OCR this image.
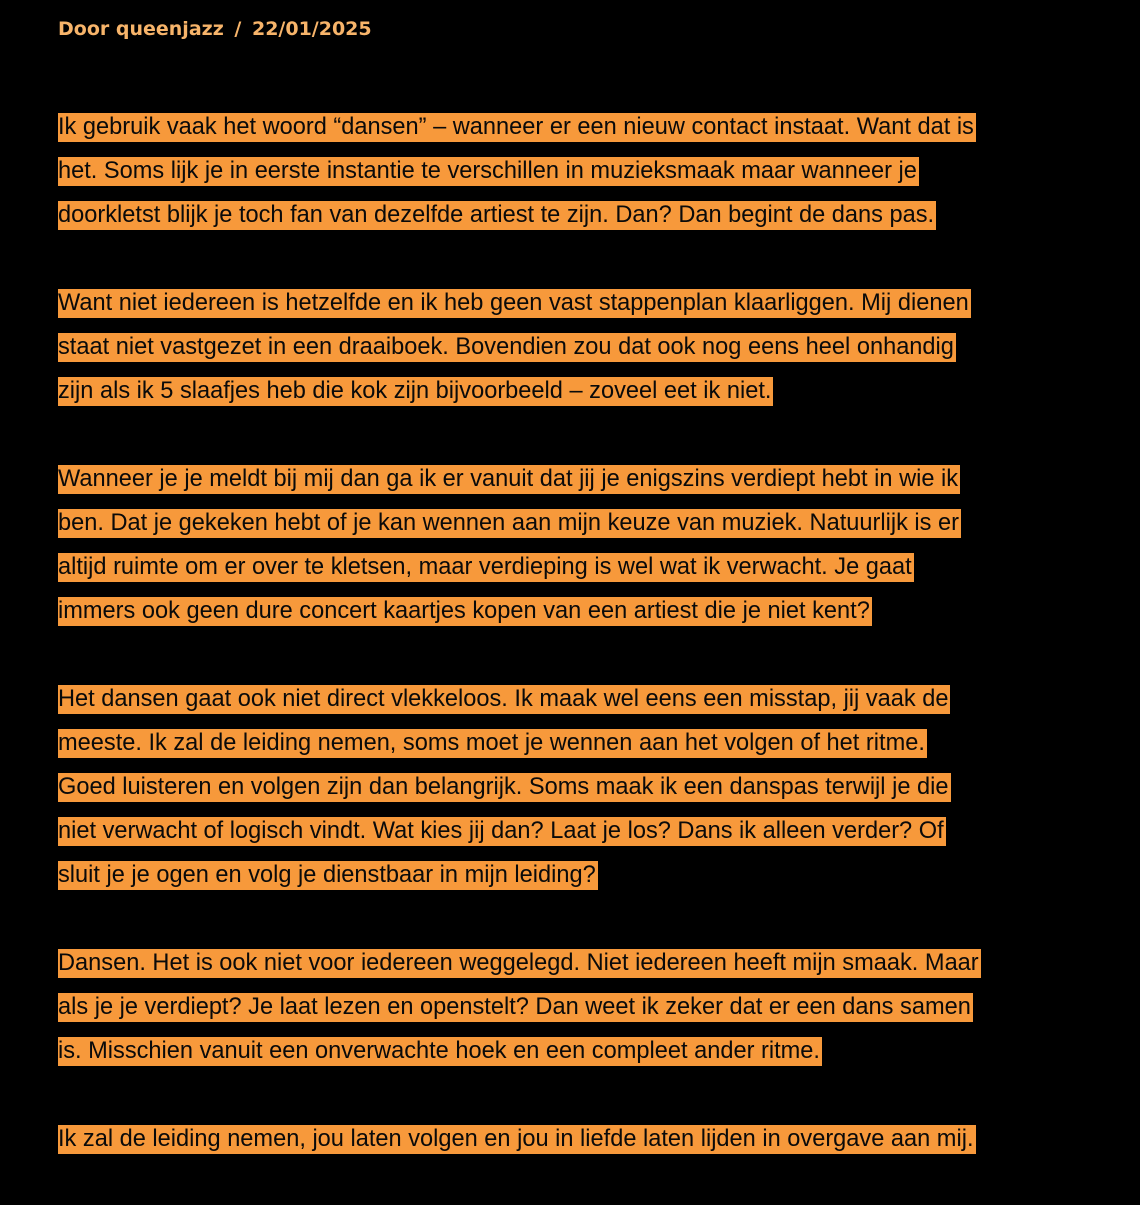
Door queenjazz / 22/01/2025

Ik gebruik vaak het woord “dansen” – wanneer er een nieuw contact instaat. Want dat is
het. Soms lijk je in eerste instantie te verschillen in muzieksmaak maar wanneer je
doorkletst blijk je toch fan van dezelfde artiest te zijn. Dan? Dan begint de dans pas.

Want niet iedereen is hetzelfde en ik heb geen vast stappenplan klaarliggen. Mij dienen
staat niet vastgezet in een draaiboek. Bovendien zou dat ook nog eens heel onhandig
zijn als ik 5 slaafjes heb die kok zijn bijvoorbeeld – zoveel eet ik niet.

Wanneer je je meldt bij mij dan ga ik er vanuit dat jij je enigszins verdiept hebt in wie ik
ben. Dat je gekeken hebt of je kan wennen aan mijn keuze van muziek. Natuurlijk is er
altijd ruimte om er over te kletsen, maar verdieping is wel wat ik verwacht. Je gaat
immers ook geen dure concert kaartjes kopen van een artiest die je niet kent?

Het dansen gaat ook niet direct vlekkeloos. Ik maak wel eens een misstap, jij vaak de
meeste. Ik zal de leiding nemen, soms moet je wennen aan het volgen of het ritme.
Goed luisteren en volgen zijn dan belangrijk. Soms maak ik een danspas terwijl je die
niet verwacht of logisch vindt. Wat kies jij dan? Laat je los? Dans ik alleen verder? Of
sluit je je ogen en volg je dienstbaar in mijn leiding?

Dansen. Het is ook niet voor iedereen weggelegd. Niet iedereen heeft mijn smaak. Maar
als je je verdiept? Je laat lezen en openstelt? Dan weet ik zeker dat er een dans samen
is. Misschien vanuit een onverwachte hoek en een compleet ander ritme.

Ik zal de leiding nemen, jou laten volgen en jou in liefde laten lijden in overgave aan mij.
